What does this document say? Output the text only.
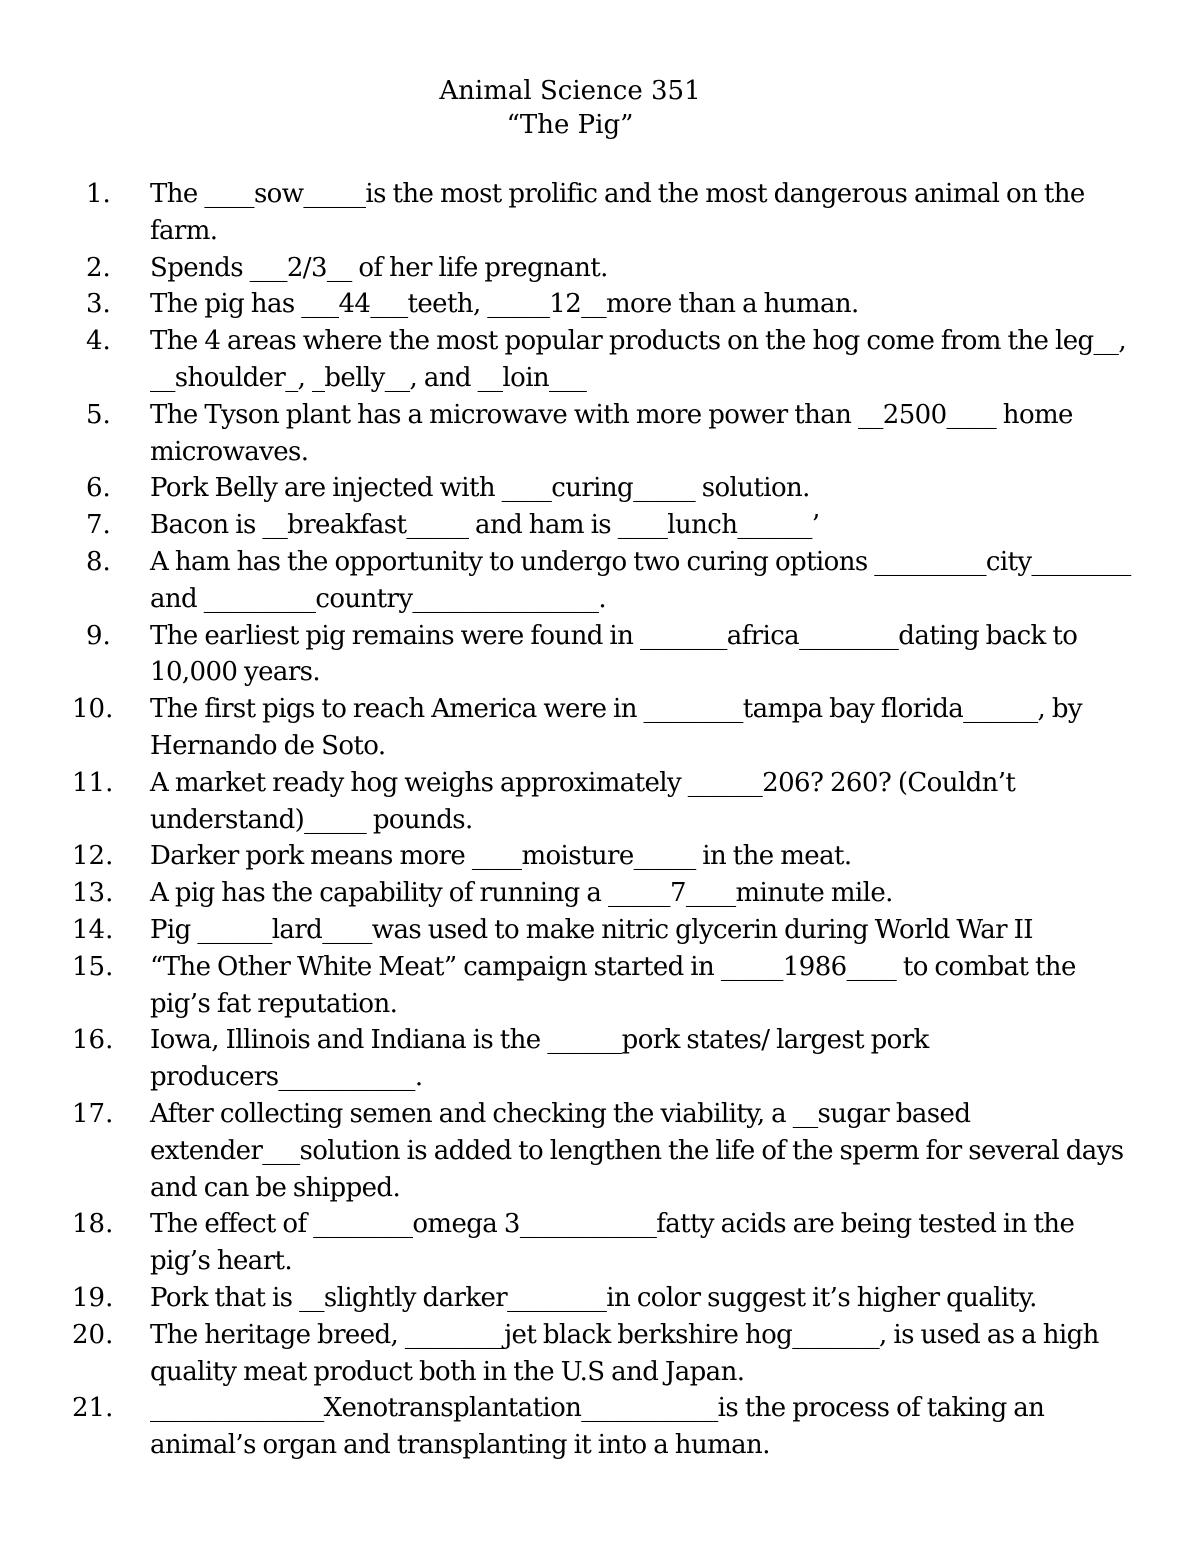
Animal Science 351
“The Pig”
1.	The ____sow_____is the most prolific and the most dangerous animal on the farm.
2.	Spends ___2/3__ of her life pregnant.
3.	The pig has ___44___teeth, _____12__more than a human.
4.	The 4 areas where the most popular products on the hog come from the leg__, __shoulder_, _belly__, and __loin___
5.	The Tyson plant has a microwave with more power than __2500____ home microwaves.
6.	Pork Belly are injected with ____curing_____ solution.
7.	Bacon is __breakfast_____ and ham is ____lunch______’
8.	A ham has the opportunity to undergo two curing options _________city________ and _________country_______________.
9.	The earliest pig remains were found in _______africa________dating back to 10,000 years.
10.	The first pigs to reach America were in ________tampa bay florida______, by Hernando de Soto.
11.	A market ready hog weighs approximately ______206? 260? (Couldn’t understand)_____ pounds.
12.	Darker pork means more ____moisture_____ in the meat.
13.	A pig has the capability of running a _____7____minute mile.
14.	Pig ______lard____was used to make nitric glycerin during World War II
15.	“The Other White Meat” campaign started in _____1986____ to combat the pig’s fat reputation.
16.	Iowa, Illinois and Indiana is the ______pork states/ largest pork producers___________.
17.	After collecting semen and checking the viability, a __sugar based extender___solution is added to lengthen the life of the sperm for several days and can be shipped.
18.	The effect of ________omega 3___________fatty acids are being tested in the pig’s heart.
19.	Pork that is __slightly darker________in color suggest it’s higher quality.
20.	The heritage breed, ________jet black berkshire hog_______, is used as a high quality meat product both in the U.S and Japan.
21.	______________Xenotransplantation___________is the process of taking an animal’s organ and transplanting it into a human.
